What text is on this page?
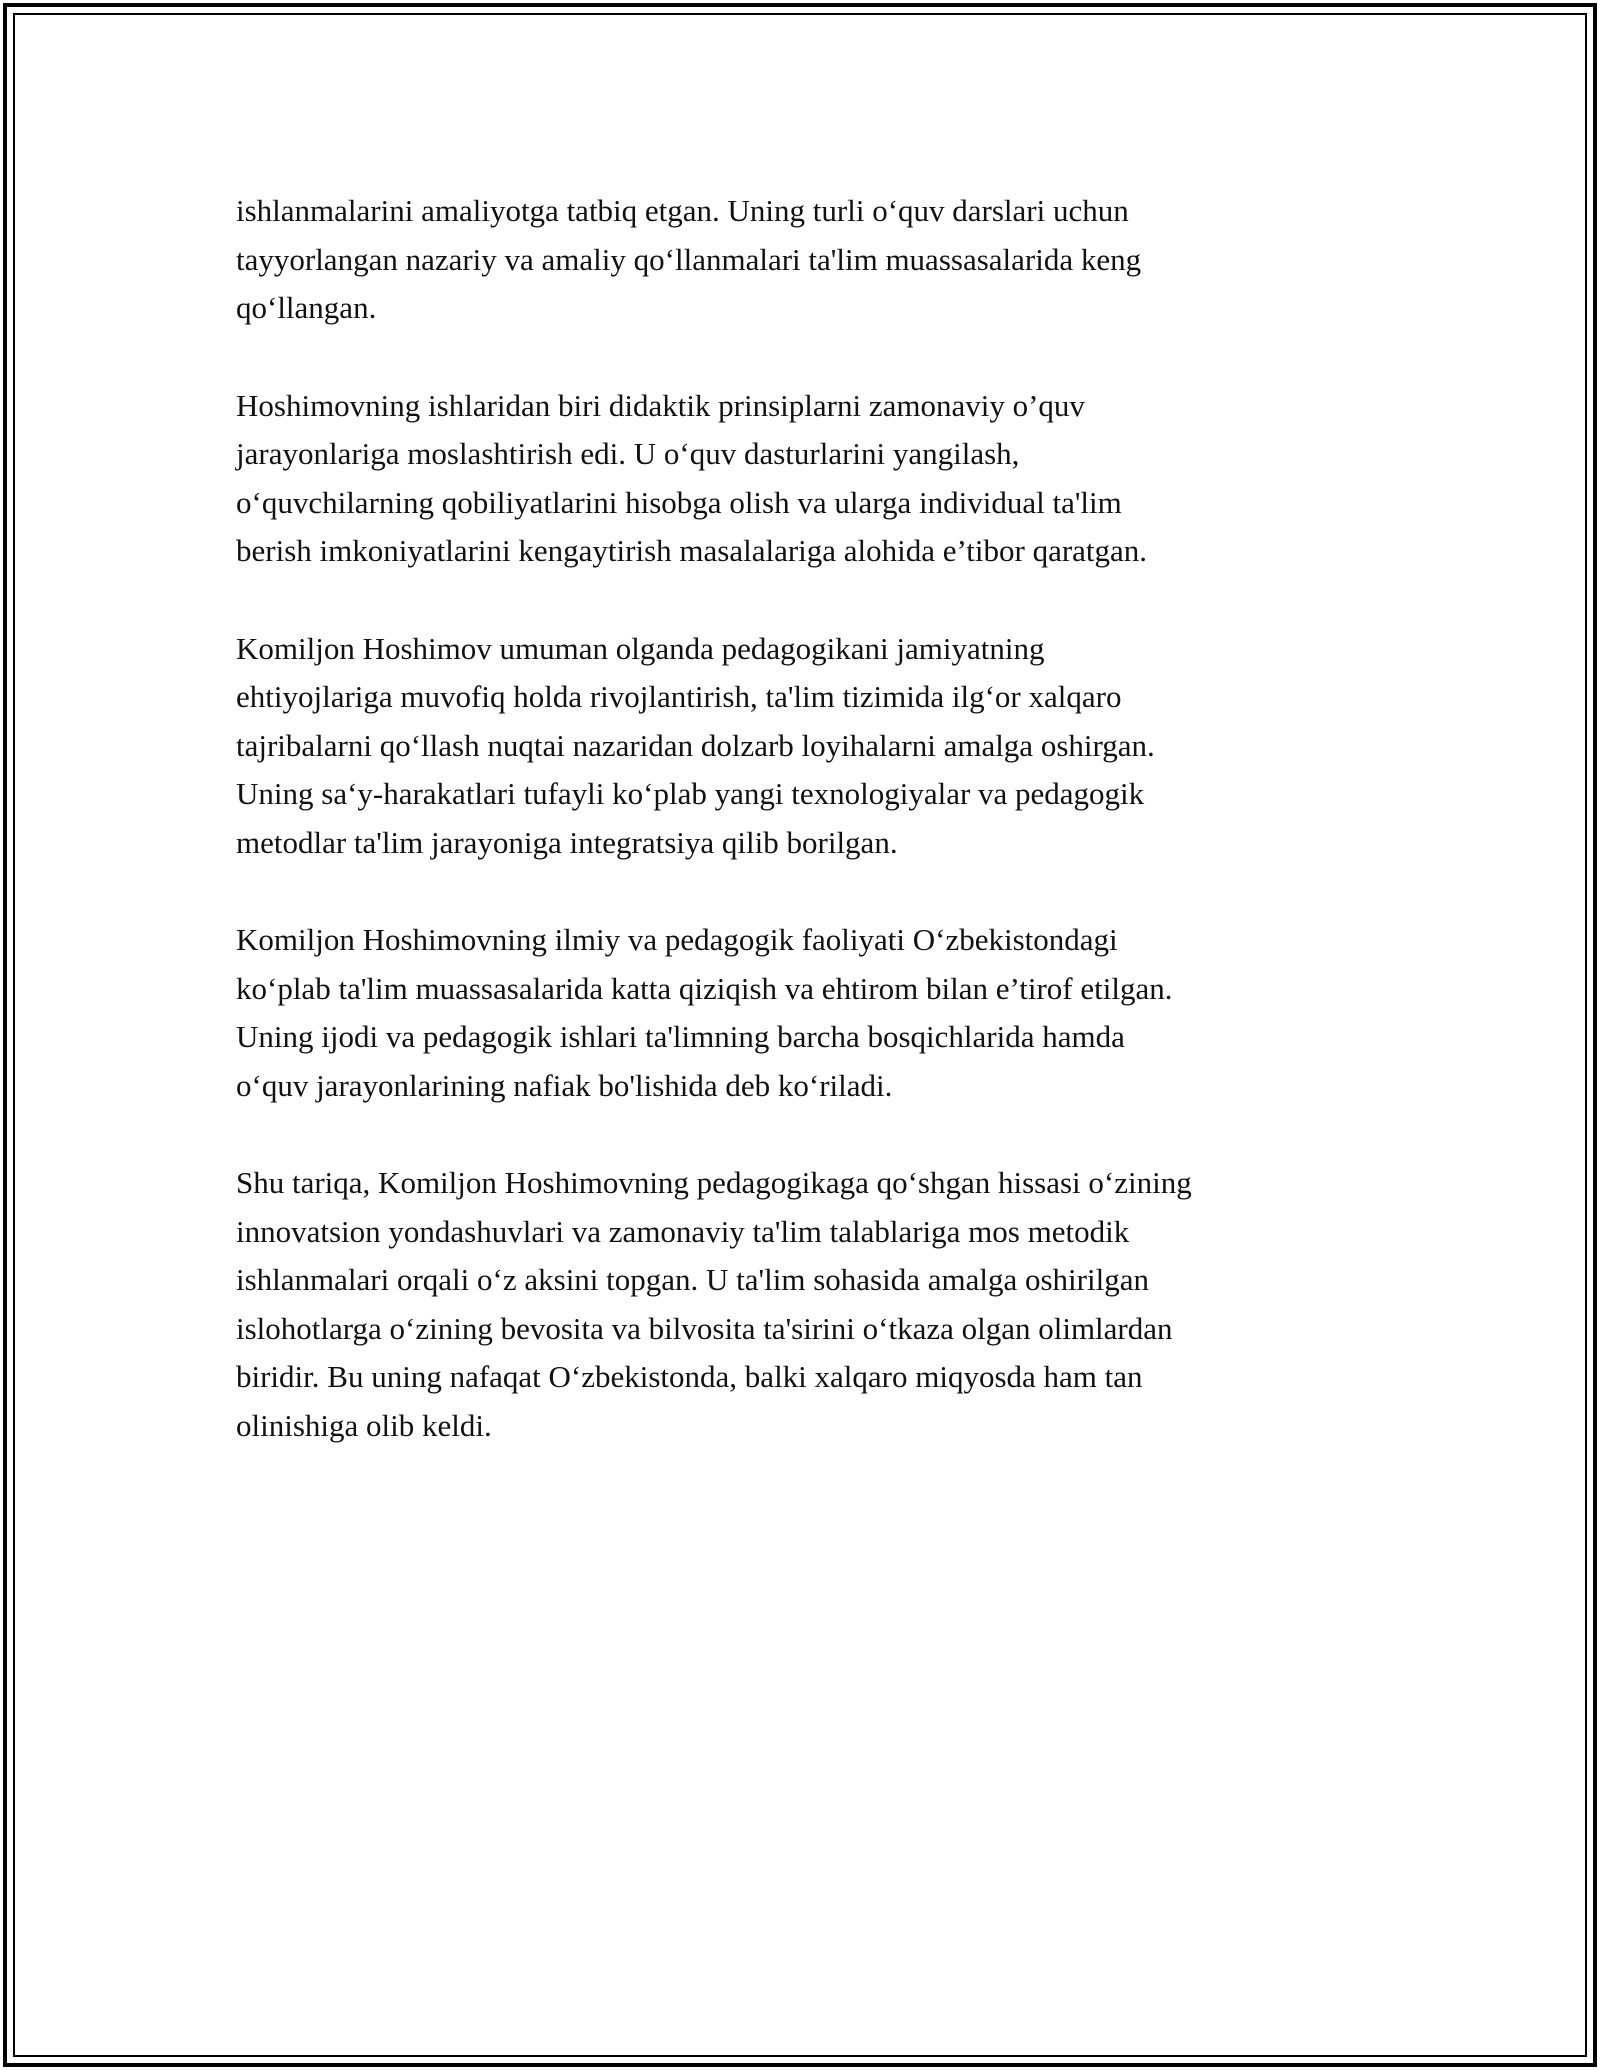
ishlanmalarini amaliyotga tatbiq etgan. Uning turli o‘quv darslari uchun
tayyorlangan nazariy va amaliy qo‘llanmalari ta'lim muassasalarida keng
qo‘llangan.

Hoshimovning ishlaridan biri didaktik prinsiplarni zamonaviy o’quv
jarayonlariga moslashtirish edi. U o‘quv dasturlarini yangilash,
o‘quvchilarning qobiliyatlarini hisobga olish va ularga individual ta'lim
berish imkoniyatlarini kengaytirish masalalariga alohida e’tibor qaratgan.

Komiljon Hoshimov umuman olganda pedagogikani jamiyatning
ehtiyojlariga muvofiq holda rivojlantirish, ta'lim tizimida ilg‘or xalqaro
tajribalarni qo‘llash nuqtai nazaridan dolzarb loyihalarni amalga oshirgan.
Uning sa‘y-harakatlari tufayli ko‘plab yangi texnologiyalar va pedagogik
metodlar ta'lim jarayoniga integratsiya qilib borilgan.

Komiljon Hoshimovning ilmiy va pedagogik faoliyati O‘zbekistondagi
ko‘plab ta'lim muassasalarida katta qiziqish va ehtirom bilan e’tirof etilgan.
Uning ijodi va pedagogik ishlari ta'limning barcha bosqichlarida hamda
o‘quv jarayonlarining nafiak bo'lishida deb ko‘riladi.

Shu tariqa, Komiljon Hoshimovning pedagogikaga qo‘shgan hissasi o‘zining
innovatsion yondashuvlari va zamonaviy ta'lim talablariga mos metodik
ishlanmalari orqali o‘z aksini topgan. U ta'lim sohasida amalga oshirilgan
islohotlarga o‘zining bevosita va bilvosita ta'sirini o‘tkaza olgan olimlardan
biridir. Bu uning nafaqat O‘zbekistonda, balki xalqaro miqyosda ham tan
olinishiga olib keldi.
